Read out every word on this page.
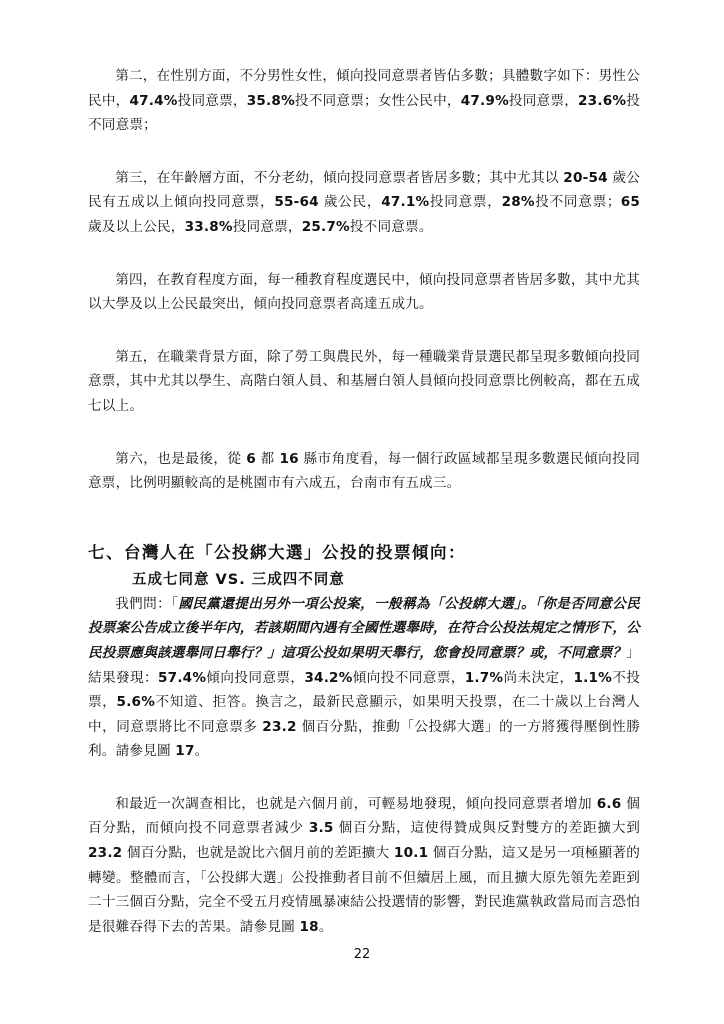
第二，在性別方面，不分男性女性，傾向投同意票者皆佔多數；具體數字如下：男性公民中，47.4%投同意票，35.8%投不同意票；女性公民中，47.9%投同意票，23.6%投不同意票；

第三，在年齡層方面，不分老幼，傾向投同意票者皆居多數；其中尤其以 20-54 歲公民有五成以上傾向投同意票，55-64 歲公民，47.1%投同意票，28%投不同意票；65 歲及以上公民，33.8%投同意票，25.7%投不同意票。

第四，在教育程度方面，每一種教育程度選民中，傾向投同意票者皆居多數，其中尤其以大學及以上公民最突出，傾向投同意票者高達五成九。

第五，在職業背景方面，除了勞工與農民外，每一種職業背景選民都呈現多數傾向投同意票，其中尤其以學生、高階白領人員、和基層白領人員傾向投同意票比例較高，都在五成七以上。

第六，也是最後，從 6 都 16 縣市角度看，每一個行政區域都呈現多數選民傾向投同意票，比例明顯較高的是桃園市有六成五，台南市有五成三。

七、台灣人在「公投綁大選」公投的投票傾向：
五成七同意 VS. 三成四不同意

我們問：「國民黨還提出另外一項公投案，一般稱為「公投綁大選」。「你是否同意公民投票案公告成立後半年內，若該期間內遇有全國性選舉時，在符合公投法規定之情形下，公民投票應與該選舉同日舉行？」這項公投如果明天舉行，您會投同意票？或，不同意票？」結果發現：57.4%傾向投同意票，34.2%傾向投不同意票，1.7%尚未決定，1.1%不投票，5.6%不知道、拒答。換言之，最新民意顯示，如果明天投票，在二十歲以上台灣人中，同意票將比不同意票多 23.2 個百分點，推動「公投綁大選」的一方將獲得壓倒性勝利。請參見圖 17。

和最近一次調查相比，也就是六個月前，可輕易地發現，傾向投同意票者增加 6.6 個百分點，而傾向投不同意票者減少 3.5 個百分點，這使得贊成與反對雙方的差距擴大到 23.2 個百分點，也就是說比六個月前的差距擴大 10.1 個百分點，這又是另一項極顯著的轉變。整體而言，「公投綁大選」公投推動者目前不但續居上風，而且擴大原先領先差距到二十三個百分點，完全不受五月疫情風暴凍結公投選情的影響，對民進黨執政當局而言恐怕是很難吞得下去的苦果。請參見圖 18。

22
